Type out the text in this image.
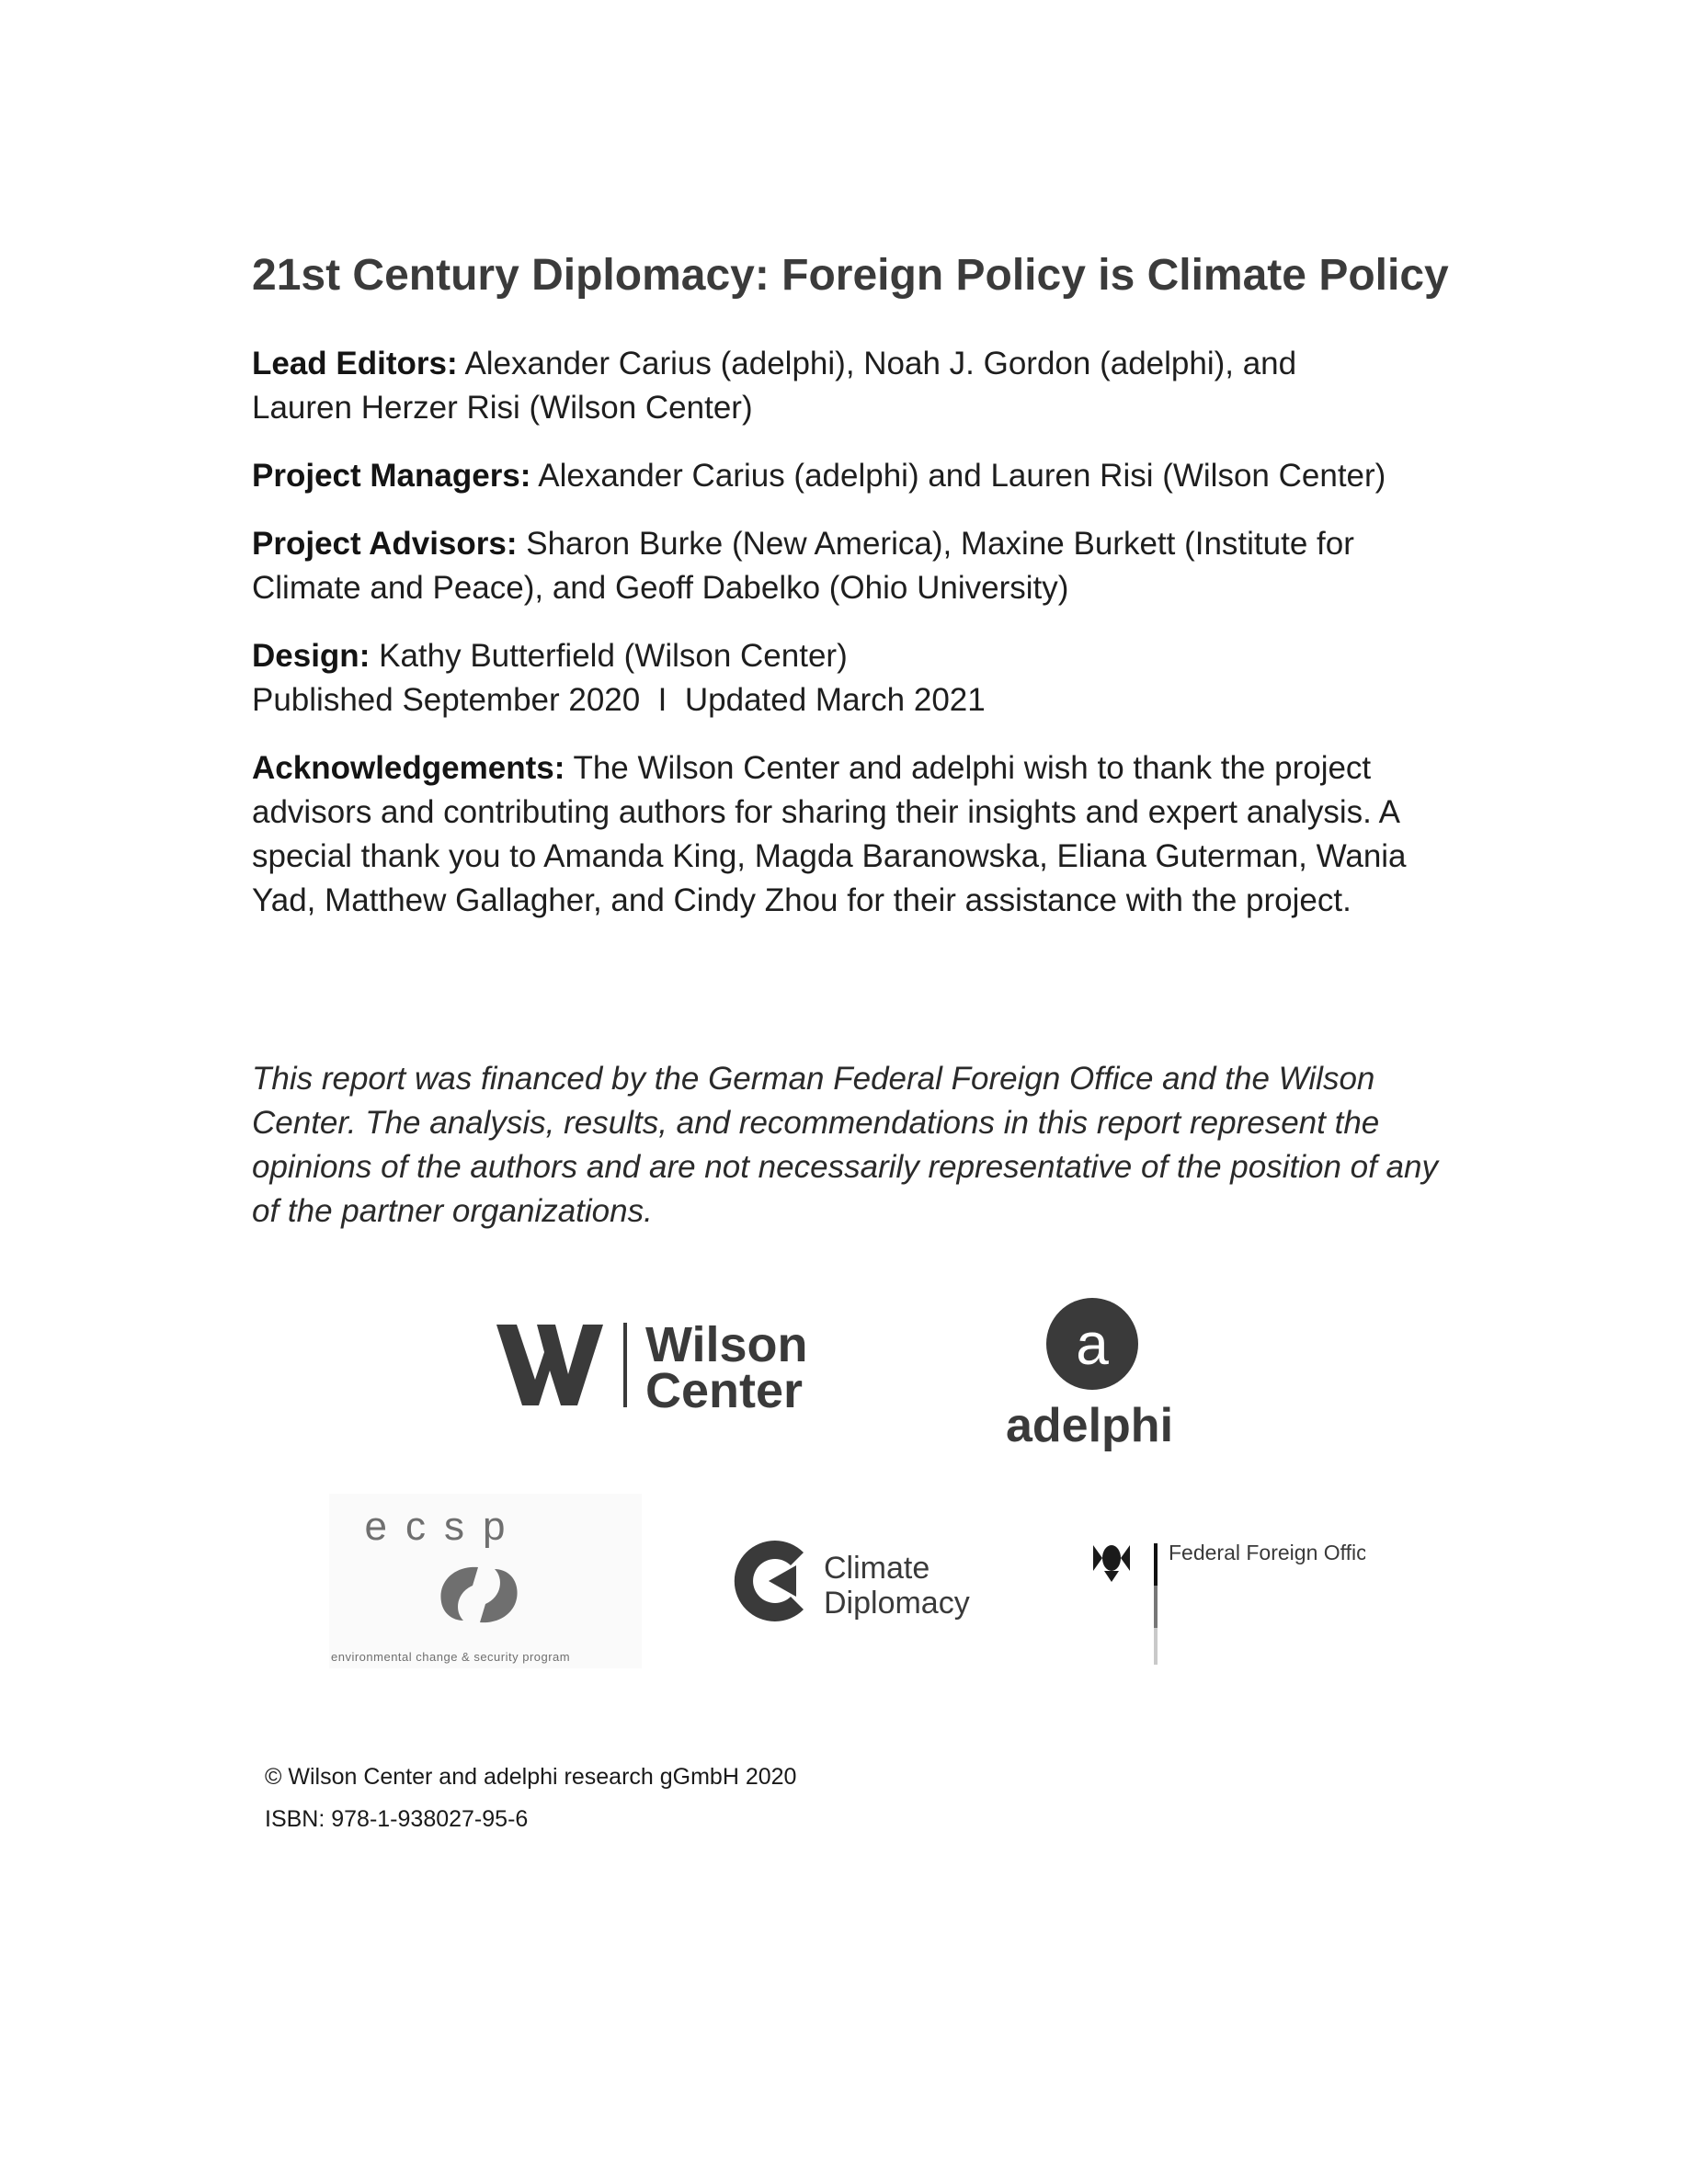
21st Century Diplomacy: Foreign Policy is Climate Policy

Lead Editors: Alexander Carius (adelphi), Noah J. Gordon (adelphi), and
Lauren Herzer Risi (Wilson Center)

Project Managers: Alexander Carius (adelphi) and Lauren Risi (Wilson Center)

Project Advisors: Sharon Burke (New America), Maxine Burkett (Institute for
Climate and Peace), and Geoff Dabelko (Ohio University)

Design: Kathy Butterfield (Wilson Center)
Published September 2020  I  Updated March 2021

Acknowledgements: The Wilson Center and adelphi wish to thank the project advisors and contributing authors for sharing their insights and expert analysis. A special thank you to Amanda King, Magda Baranowska, Eliana Guterman, Wania Yad, Matthew Gallagher, and Cindy Zhou for their assistance with the project.

This report was financed by the German Federal Foreign Office and the Wilson Center. The analysis, results, and recommendations in this report represent the opinions of the authors and are not necessarily representative of the position of any of the partner organizations.

Wilson
Center
a
adelphi
ecsp
environmental change & security program
Climate
Diplomacy
Federal Foreign Office
© Wilson Center and adelphi research gGmbH 2020
ISBN: 978-1-938027-95-6
